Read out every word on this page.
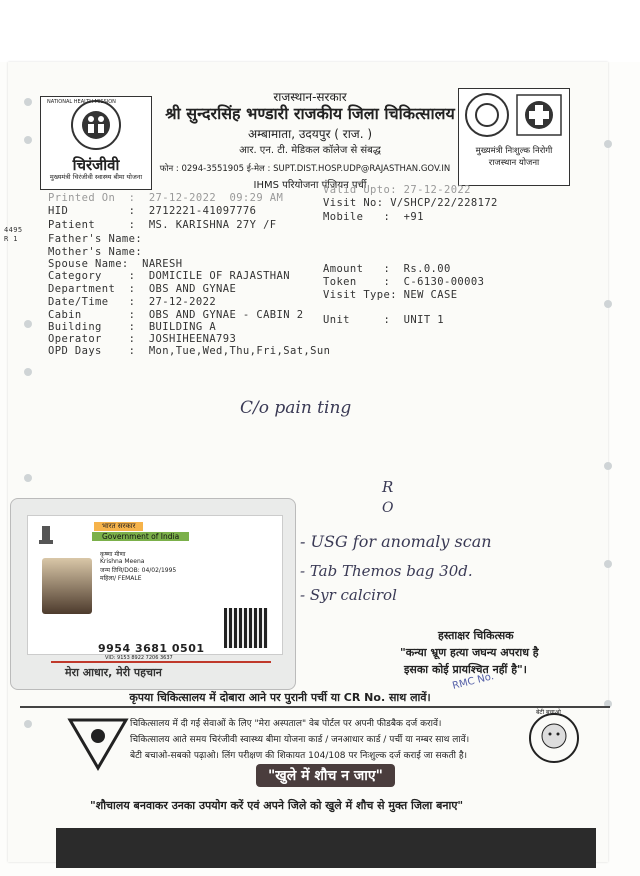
NATIONAL HEALTH MISSION
चिरंजीवी
मुख्यमंत्री चिरंजीवी स्वास्थ्य बीमा योजना
राजस्थान-सरकार
श्री सुन्दरसिंह भण्डारी राजकीय जिला चिकित्सालय
अम्बामाता, उदयपुर ( राज. )
आर. एन. टी. मेडिकल कॉलेज से संबद्ध
फोन : 0294-3551905 ई-मेल : SUPT.DIST.HOSP.UDP@RAJASTHAN.GOV.IN
IHMS परियोजना पंजियन पर्ची
मुख्यमंत्री निःशुल्क निरोगी राजस्थान योजना
4495
R 1
Printed On  :  27-12-2022  09:29 AM
Valid Upto: 27-12-2022
HID         :  2712221-41097776
Visit No: V/SHCP/22/228172
Patient     :  MS. KARISHNA 27Y /F
Mobile   :  +91
Father's Name:
Mother's Name:
Spouse Name:  NARESH
Category    :  DOMICILE OF RAJASTHAN
Amount   :  Rs.0.00
Department  :  OBS AND GYNAE
Token    :  C-6130-00003
Date/Time   :  27-12-2022
Visit Type: NEW CASE
Cabin       :  OBS AND GYNAE - CABIN 2
Building    :  BUILDING A
Unit     :  UNIT 1
Operator    :  JOSHIHEENA793
OPD Days    :  Mon,Tue,Wed,Thu,Fri,Sat,Sun
C/o pain ting
R
O
- USG for anomaly scan
- Tab Themos bag 30d.
- Syr calcirol
हस्ताक्षर चिकित्सक
"कन्या भ्रूण हत्या जघन्य अपराध है
इसका कोई प्रायश्चित नहीं है"।
RMC No.
भारत सरकार
Government of India
कृष्णा मीणा
Krishna Meena
जन्म तिथि/DOB: 04/02/1995
महिला/ FEMALE
9954 3681 0501
VID: 9153 8922 7206 3637
मेरा आधार, मेरी पहचान
कृपया चिकित्सालय में दोबारा आने पर पुरानी पर्ची या CR No. साथ लावें।
चिकित्सालय में दी गई सेवाओं के लिए "मेरा अस्पताल" वेब पोर्टल पर अपनी फीडबैक दर्ज करावें।
चिकित्सालय आते समय चिरंजीवी स्वास्थ्य बीमा योजना कार्ड / जनआधार कार्ड / पर्ची या नम्बर साथ लावें।
बेटी बचाओ-सबको पढ़ाओ। लिंग परीक्षण की शिकायत 104/108 पर निःशुल्क दर्ज कराई जा सकती है।
बेटी बचाओ
"खुले में शौच न जाए"
"शौचालय बनवाकर उनका उपयोग करें एवं अपने जिले को खुले में शौच से मुक्त जिला बनाए"
